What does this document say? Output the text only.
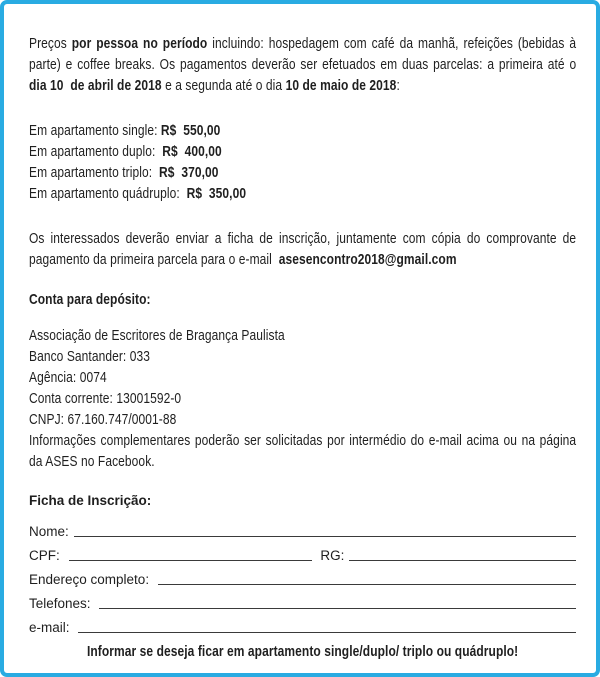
Preços por pessoa no período incluindo: hospedagem com café da manhã, refeições (bebidas à parte) e coffee breaks. Os pagamentos deverão ser efetuados em duas parcelas: a primeira até o dia 10  de abril de 2018 e a segunda até o dia 10 de maio de 2018:

Em apartamento single: R$  550,00
Em apartamento duplo:  R$  400,00
Em apartamento triplo:  R$  370,00
Em apartamento quádruplo:  R$  350,00

Os interessados deverão enviar a ficha de inscrição, juntamente com cópia do comprovante de pagamento da primeira parcela para o e-mail  asesencontro2018@gmail.com

Conta para depósito:
Associação de Escritores de Bragança Paulista
Banco Santander: 033
Agência: 0074
Conta corrente: 13001592-0
CNPJ: 67.160.747/0001-88

Informações complementares poderão ser solicitadas por intermédio do e-mail acima ou na página da ASES no Facebook.

Ficha de Inscrição:
Nome:
CPF:	RG:
Endereço completo:
Telefones:
e-mail:
Informar se deseja ficar em apartamento single/duplo/ triplo ou quádruplo!
